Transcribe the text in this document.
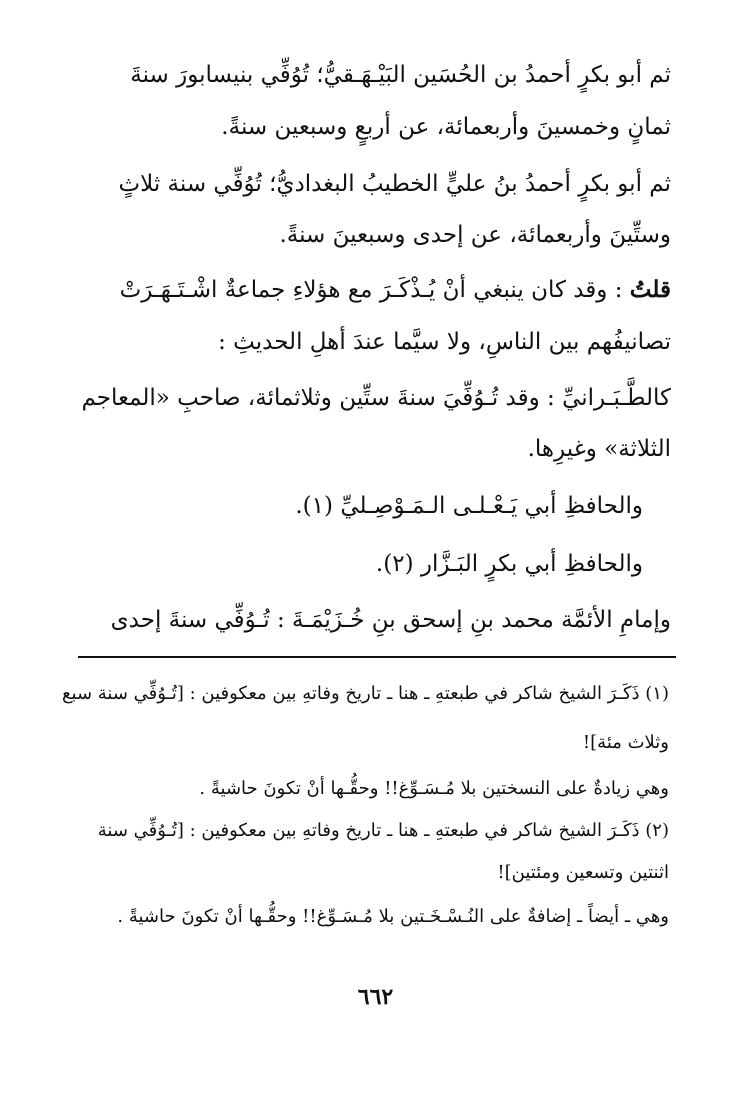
ثم أبو بكرٍ أحمدُ بن الحُسَين البَيْـهَـقيُّ؛ تُوُفِّي بنيسابورَ سنةَ
ثمانٍ وخمسينَ وأربعمائة، عن أربعٍ وسبعين سنةً.
ثم أبو بكرٍ أحمدُ بنُ عليٍّ الخطيبُ البغداديُّ؛ تُوُفِّي سنة ثلاثٍ
وستِّينَ وأربعمائة، عن إحدى وسبعينَ سنةً.
قلتُ : وقد كان ينبغي أنْ يُـذْكَـرَ مع هؤلاءِ جماعةٌ اشْـتَـهَـرَتْ
تصانيفُهم بين الناسِ، ولا سيَّما عندَ أهلِ الحديثِ :
كالطَّـبَـرانيِّ : وقد تُـوُفِّيَ سنةَ ستِّين وثلاثمائة، صاحبِ «المعاجم
الثلاثة» وغيرِها.
والحافظِ أبي يَـعْـلـى الـمَـوْصِـليِّ (١).
والحافظِ أبي بكرٍ البَـزَّار (٢).
وإمامِ الأئمَّة محمد بنِ إسحق بنِ خُـزَيْمَـةَ : تُـوُفِّي سنةَ إحدى
(١) ذَكَـرَ الشيخ شاكر في طبعتهِ ـ هنا ـ تاريخ وفاتهِ بين معكوفين : [تُـوُفِّي سنة سبع
وثلاث مئة]!
وهي زيادةٌ على النسختين بلا مُـسَـوِّغ!! وحقُّـها أنْ تكونَ حاشيةً .
(٢) ذَكَـرَ الشيخ شاكر في طبعتهِ ـ هنا ـ تاريخ وفاتهِ بين معكوفين : [تُـوُفِّي سنة
اثنتين وتسعين ومئتين]!
وهي ـ أيضاً ـ إضافةٌ على النُـسْـخَـتين بلا مُـسَـوِّغ!! وحقُّـها أنْ تكونَ حاشيةً .
٦٦٢
